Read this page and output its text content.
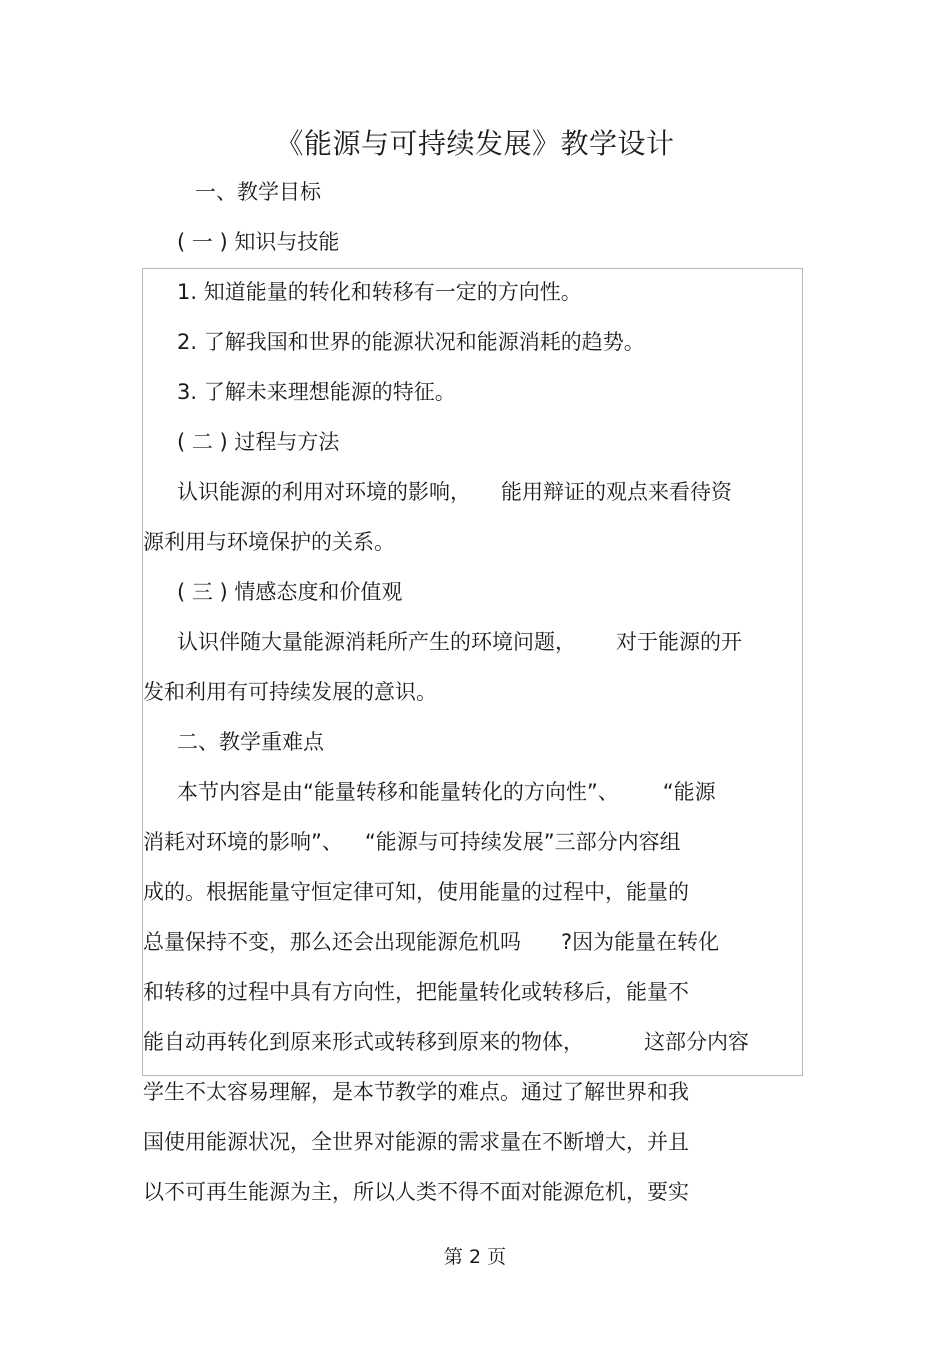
《能源与可持续发展》教学设计

一、教学目标

( 一 ) 知识与技能

1. 知道能量的转化和转移有一定的方向性。

2. 了解我国和世界的能源状况和能源消耗的趋势。

3. 了解未来理想能源的特征。

( 二 ) 过程与方法

认识能源的利用对环境的影响， 能用辩证的观点来看待资

源利用与环境保护的关系。

( 三 ) 情感态度和价值观

认识伴随大量能源消耗所产生的环境问题， 对于能源的开

发和利用有可持续发展的意识。

二、教学重难点

本节内容是由“能量转移和能量转化的方向性”、 “能源

消耗对环境的影响”、 “能源与可持续发展”三部分内容组

成的。根据能量守恒定律可知，使用能量的过程中，能量的

总量保持不变，那么还会出现能源危机吗 ?因为能量在转化

和转移的过程中具有方向性，把能量转化或转移后，能量不

能自动再转化到原来形式或转移到原来的物体，	这部分内容

学生不太容易理解，是本节教学的难点。通过了解世界和我

国使用能源状况，全世界对能源的需求量在不断增大，并且

以不可再生能源为主，所以人类不得不面对能源危机，要实

第 2 页
